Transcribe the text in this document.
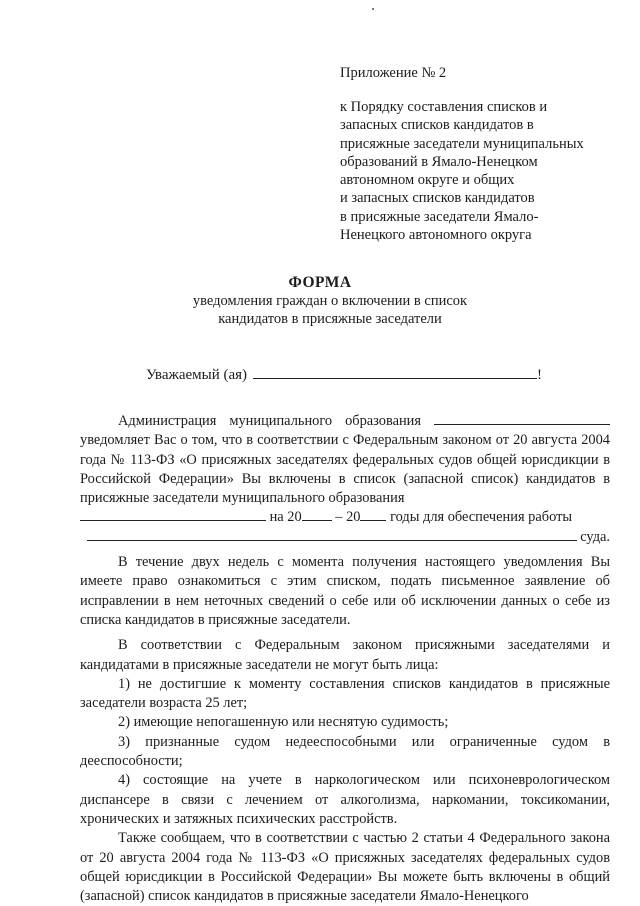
Приложение № 2
к Порядку составления списков и
запасных списков кандидатов в
присяжные заседатели муниципальных
образований в Ямало-Ненецком
автономном округе и общих
и запасных списков кандидатов
в присяжные заседатели Ямало-
Ненецкого автономного округа
ФОРМА
уведомления граждан о включении в список
кандидатов в присяжные заседатели
Уважаемый (ая)	!

Администрация муниципального образования  уведомляет Вас о том, что в соответствии с Федеральным законом от 20 августа 2004 года № 113-ФЗ «О присяжных заседателях федеральных судов общей юрисдикции в Российской Федерации» Вы включены в список (запасной список) кандидатов в присяжные заседатели муниципального образования

на 20 – 20 годы для обеспечения работы

суда.

В течение двух недель с момента получения настоящего уведомления Вы имеете право ознакомиться с этим списком, подать письменное заявление об исправлении в нем неточных сведений о себе или об исключении данных о себе из списка кандидатов в присяжные заседатели.

В соответствии с Федеральным законом присяжными заседателями и кандидатами в присяжные заседатели не могут быть лица:

1) не достигшие к моменту составления списков кандидатов в присяжные заседатели возраста 25 лет;

2) имеющие непогашенную или неснятую судимость;

3) признанные судом недееспособными или ограниченные судом в дееспособности;

4) состоящие на учете в наркологическом или психоневрологическом диспансере в связи с лечением от алкоголизма, наркомании, токсикомании, хронических и затяжных психических расстройств.

Также сообщаем, что в соответствии с частью 2 статьи 4 Федерального закона от 20 августа 2004 года № 113-ФЗ «О присяжных заседателях федеральных судов общей юрисдикции в Российской Федерации» Вы можете быть включены в общий (запасной) список кандидатов в присяжные заседатели Ямало-Ненецкого
